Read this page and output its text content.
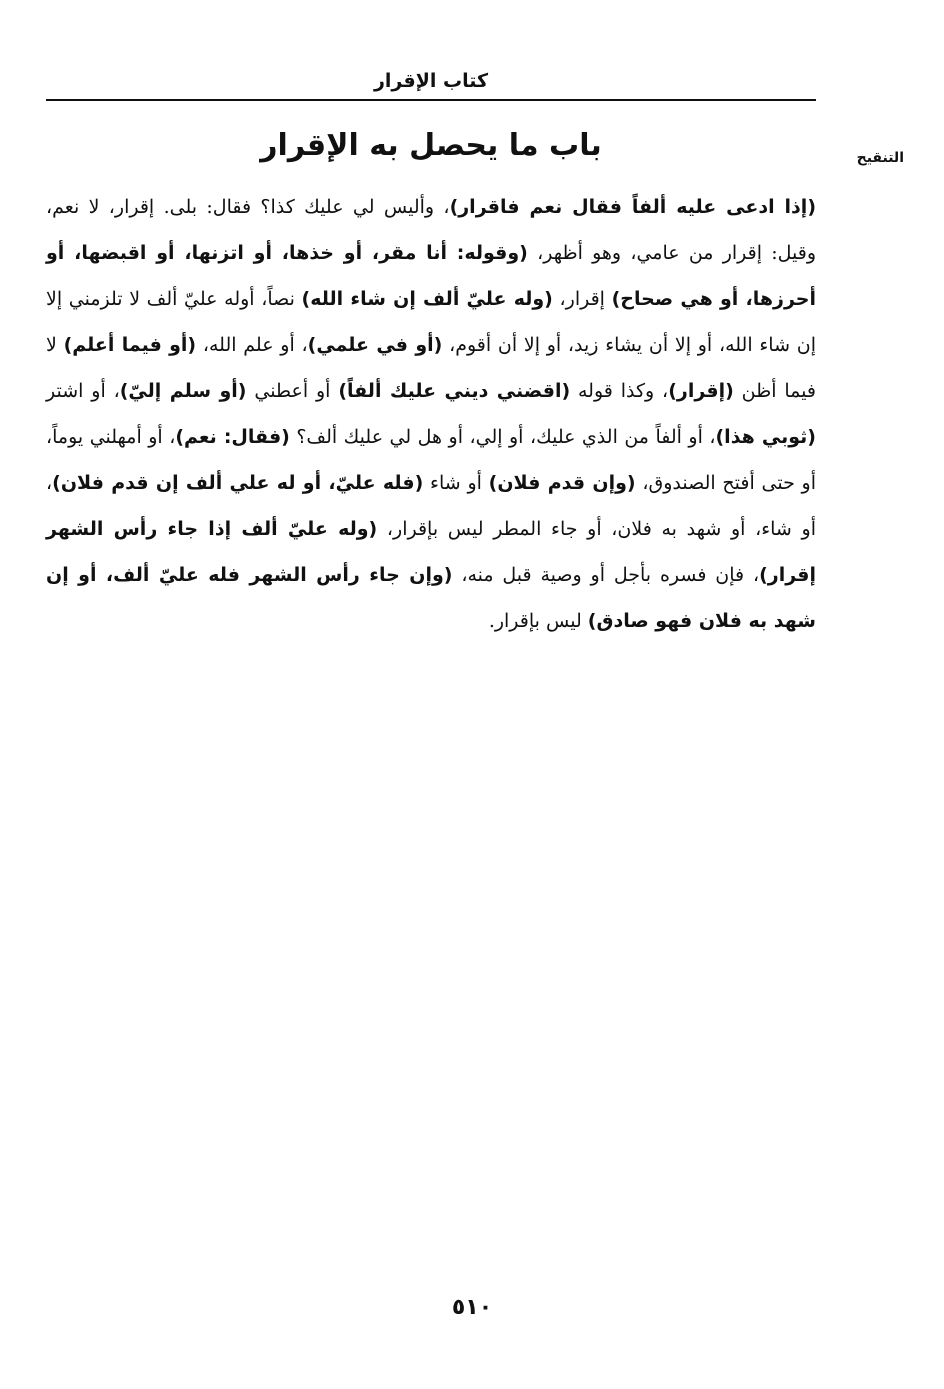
كتاب الإقرار
باب ما يحصل به الإقرار	التنقيح
(إذا ادعى عليه ألفاً فقال نعم فاقرار)، وأليس لي عليك كذا؟ فقال: بلى. إقرار، لا نعم، وقيل: إقرار من عامي، وهو أظهر، (وقوله: أنا مقر، أو خذها، أو اتزنها، أو اقبضها، أو أحرزها، أو هي صحاح) إقرار، (وله عليّ ألف إن شاء الله) نصاً، أوله عليّ ألف لا تلزمني إلا إن شاء الله، أو إلا أن يشاء زيد، أو إلا أن أقوم، (أو في علمي)، أو علم الله، (أو فيما أعلم) لا فيما أظن (إقرار)، وكذا قوله (اقضني ديني عليك ألفاً) أو أعطني (أو سلم إليّ)، أو اشتر (ثوبي هذا)، أو ألفاً من الذي عليك، أو إلي، أو هل لي عليك ألف؟ (فقال: نعم)، أو أمهلني يوماً، أو حتى أفتح الصندوق، (وإن قدم فلان) أو شاء (فله عليّ، أو له علي ألف إن قدم فلان)، أو شاء، أو شهد به فلان، أو جاء المطر ليس بإقرار، (وله عليّ ألف إذا جاء رأس الشهر إقرار)، فإن فسره بأجل أو وصية قبل منه، (وإن جاء رأس الشهر فله عليّ ألف، أو إن شهد به فلان فهو صادق) ليس بإقرار.
٥١٠
